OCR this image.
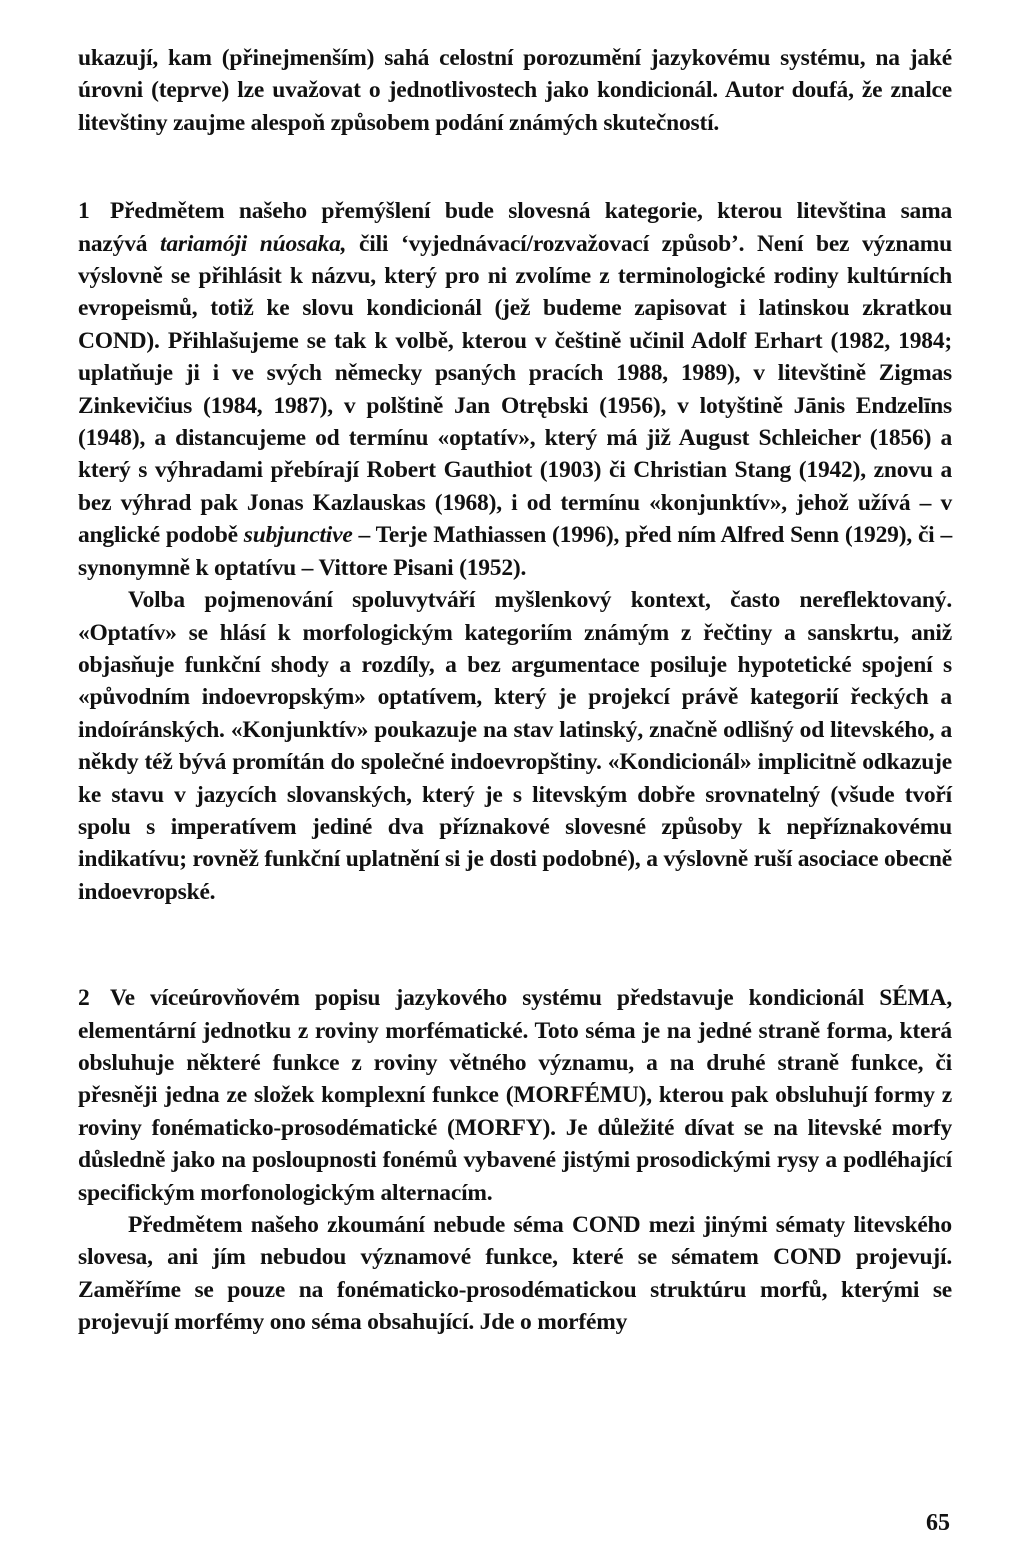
ukazují, kam (přinejmenším) sahá celostní porozumění jazykovému systému, na jaké úrovni (teprve) lze uvažovat o jednotlivostech jako kondicionál. Autor doufá, že znalce litevštiny zaujme alespoň způsobem podání známých skutečností.

1 Předmětem našeho přemýšlení bude slovesná kategorie, kterou litevština sama nazývá tariamóji núosaka, čili ‘vyjednávací/rozvažovací způsob’. Není bez významu výslovně se přihlásit k názvu, který pro ni zvolíme z terminologické rodiny kultúrních evropeismů, totiž ke slovu kondicionál (jež budeme zapisovat i latinskou zkratkou COND). Přihlašujeme se tak k volbě, kterou v češtině učinil Adolf Erhart (1982, 1984; uplatňuje ji i ve svých německy psaných pracích 1988, 1989), v litevštině Zigmas Zinkevičius (1984, 1987), v polštině Jan Otrębski (1956), v lotyštině Jānis Endzelīns (1948), a distancujeme od termínu «optatív», který má již August Schleicher (1856) a který s výhradami přebírají Robert Gauthiot (1903) či Christian Stang (1942), znovu a bez výhrad pak Jonas Kazlauskas (1968), i od termínu «konjunktív», jehož užívá – v anglické podobě subjunctive – Terje Mathiassen (1996), před ním Alfred Senn (1929), či – synonymně k optatívu – Vittore Pisani (1952).

Volba pojmenování spoluvytváří myšlenkový kontext, často nereflektovaný. «Optatív» se hlásí k morfologickým kategoriím známým z řečtiny a sanskrtu, aniž objasňuje funkční shody a rozdíly, a bez argumentace posiluje hypotetické spojení s «původním indoevropským» optatívem, který je projekcí právě kategorií řeckých a indoíránských. «Konjunktív» poukazuje na stav latinský, značně odlišný od litevského, a někdy též bývá promítán do společné indoevropštiny. «Kondicionál» implicitně odkazuje ke stavu v jazycích slovanských, který je s litevským dobře srovnatelný (všude tvoří spolu s imperatívem jediné dva příznakové slovesné způsoby k nepříznakovému indikatívu; rovněž funkční uplatnění si je dosti podobné), a výslovně ruší asociace obecně indoevropské.

2 Ve víceúrovňovém popisu jazykového systému představuje kondicionál SÉMA, elementární jednotku z roviny morfématické. Toto séma je na jedné straně forma, která obsluhuje některé funkce z roviny větného významu, a na druhé straně funkce, či přesněji jedna ze složek komplexní funkce (MORFÉMU), kterou pak obsluhují formy z roviny fonématicko-prosodématické (MORFY). Je důležité dívat se na litevské morfy důsledně jako na posloupnosti fonémů vybavené jistými prosodickými rysy a podléhající specifickým morfonologickým alternacím.

Předmětem našeho zkoumání nebude séma COND mezi jinými sématy litevského slovesa, ani jím nebudou významové funkce, které se sématem COND projevují. Zaměříme se pouze na fonématicko-prosodématickou struktúru morfů, kterými se projevují morfémy ono séma obsahující. Jde o morfémy

65
